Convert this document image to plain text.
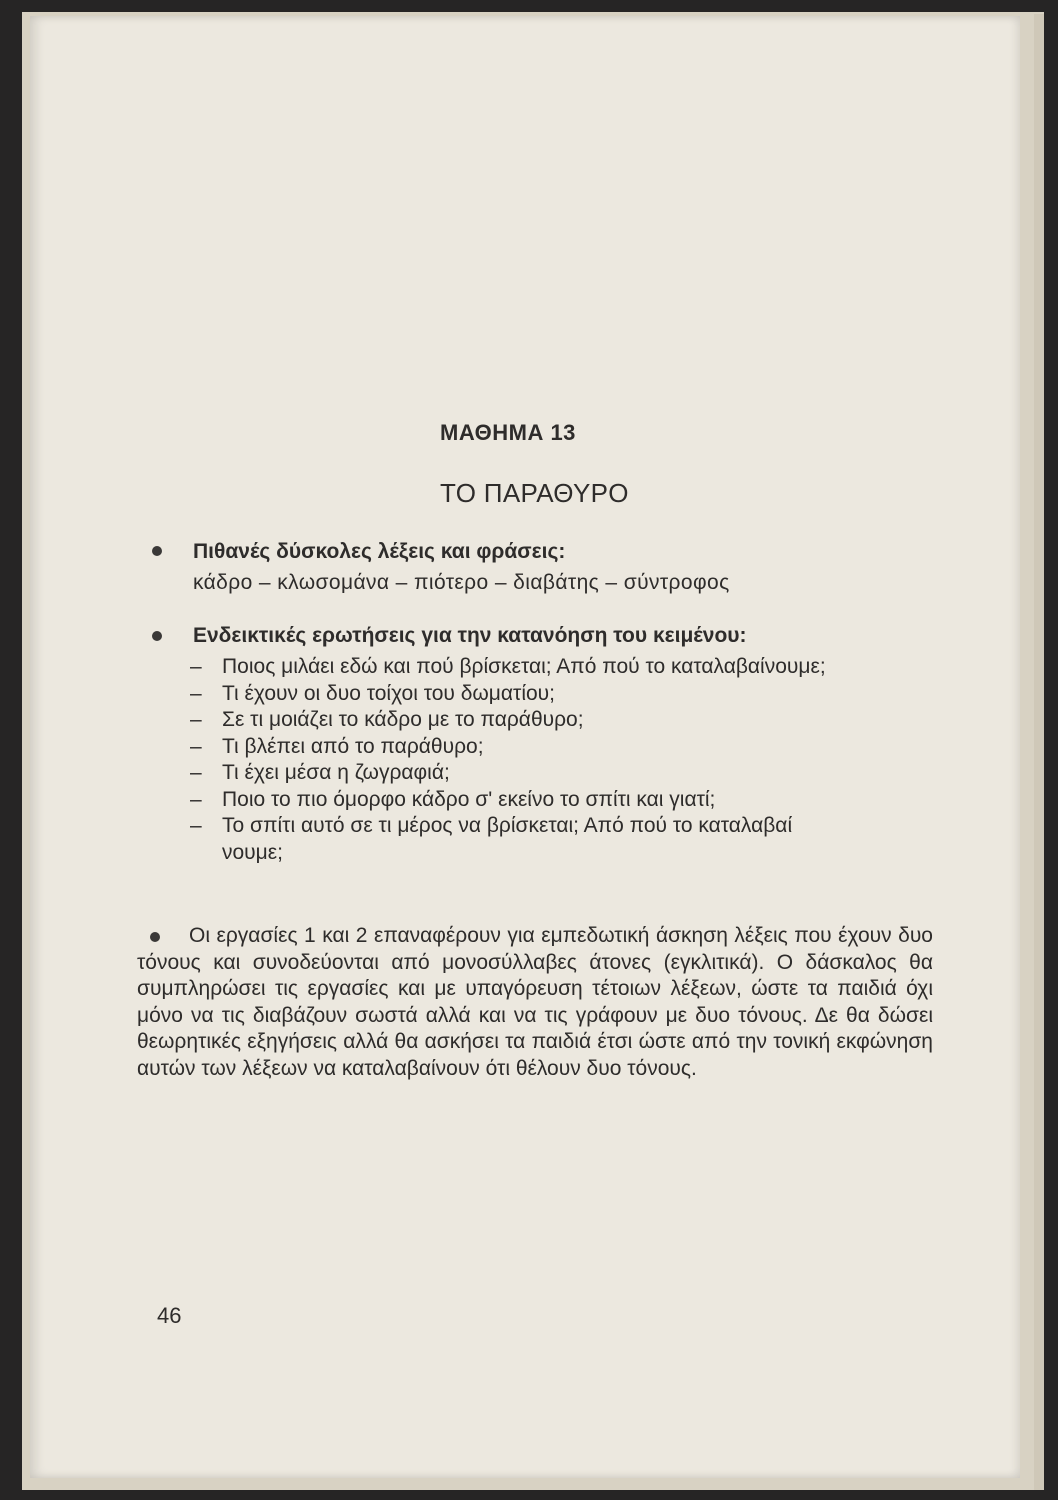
ΜΑΘΗΜΑ 13
ΤΟ ΠΑΡΑΘΥΡΟ
Πιθανές δύσκολες λέξεις και φράσεις:
κάδρο – κλωσομάνα – πιότερο – διαβάτης – σύντροφος
Ενδεικτικές ερωτήσεις για την κατανόηση του κειμένου:
– Ποιος μιλάει εδώ και πού βρίσκεται; Από πού το καταλαβαίνουμε;
– Τι έχουν οι δυο τοίχοι του δωματίου;
– Σε τι μοιάζει το κάδρο με το παράθυρο;
– Τι βλέπει από το παράθυρο;
– Τι έχει μέσα η ζωγραφιά;
– Ποιο το πιο όμορφο κάδρο σ' εκείνο το σπίτι και γιατί;
– Το σπίτι αυτό σε τι μέρος να βρίσκεται; Από πού το καταλαβαί
νουμε;

Οι εργασίες 1 και 2 επαναφέρουν για εμπεδωτική άσκηση λέξεις που έχουν δυο τόνους και συνοδεύονται από μονοσύλλαβες άτονες (εγκλιτικά). Ο δάσκαλος θα συμπληρώσει τις εργασίες και με υπαγόρευση τέτοιων λέξεων, ώστε τα παιδιά όχι μόνο να τις διαβάζουν σωστά αλλά και να τις γράφουν με δυο τόνους. Δε θα δώσει θεωρητικές εξηγήσεις αλλά θα ασκήσει τα παιδιά έτσι ώστε από την τονική εκφώνηση αυτών των λέξεων να καταλαβαίνουν ότι θέλουν δυο τόνους.

46
